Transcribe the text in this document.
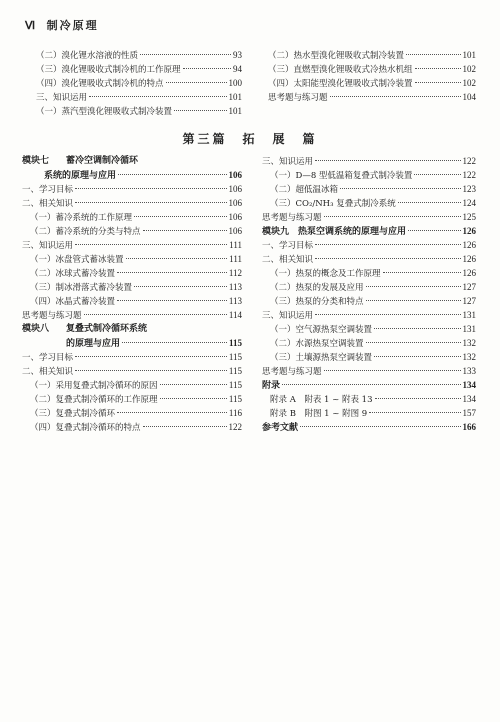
Ⅵ 制冷原理
（二）溴化锂水溶液的性质	93
（三）溴化锂吸收式制冷机的工作原理	94
（四）溴化锂吸收式制冷机的特点	100
三、知识运用	101
（一）蒸汽型溴化锂吸收式制冷装置	101
（二）热水型溴化锂吸收式制冷装置	101
（三）直燃型溴化锂吸收式冷热水机组	102
（四）太阳能型溴化锂吸收式制冷装置	102
思考题与练习题	104
第三篇　拓　展　篇
模块七 蓄冷空调制冷循环
系统的原理与应用	106
一、学习目标	106
二、相关知识	106
（一）蓄冷系统的工作原理	106
（二）蓄冷系统的分类与特点	106
三、知识运用	111
（一）冰盘管式蓄冰装置	111
（二）冰球式蓄冷装置	112
（三）制冰滑落式蓄冷装置	113
（四）冰晶式蓄冷装置	113
思考题与练习题	114
模块八 复叠式制冷循环系统
的原理与应用	115
一、学习目标	115
二、相关知识	115
（一）采用复叠式制冷循环的原因	115
（二）复叠式制冷循环的工作原理	115
（三）复叠式制冷循环	116
（四）复叠式制冷循环的特点	122
三、知识运用	122
（一）D—8 型低温箱复叠式制冷装置	122
（二）超低温冰箱	123
（三）CO₂/NH₃ 复叠式制冷系统	124
思考题与练习题	125
模块九　 热泵空调系统的原理与应用	126
一、学习目标	126
二、相关知识	126
（一）热泵的概念及工作原理	126
（二）热泵的发展及应用	127
（三）热泵的分类和特点	127
三、知识运用	131
（一）空气源热泵空调装置	131
（二）水源热泵空调装置	132
（三）土壤源热泵空调装置	132
思考题与练习题	133
附录	134
附录 A　附表 1 ~ 附表 13	134
附录 B　附图 1 ~ 附图 9	157
参考文献	166
